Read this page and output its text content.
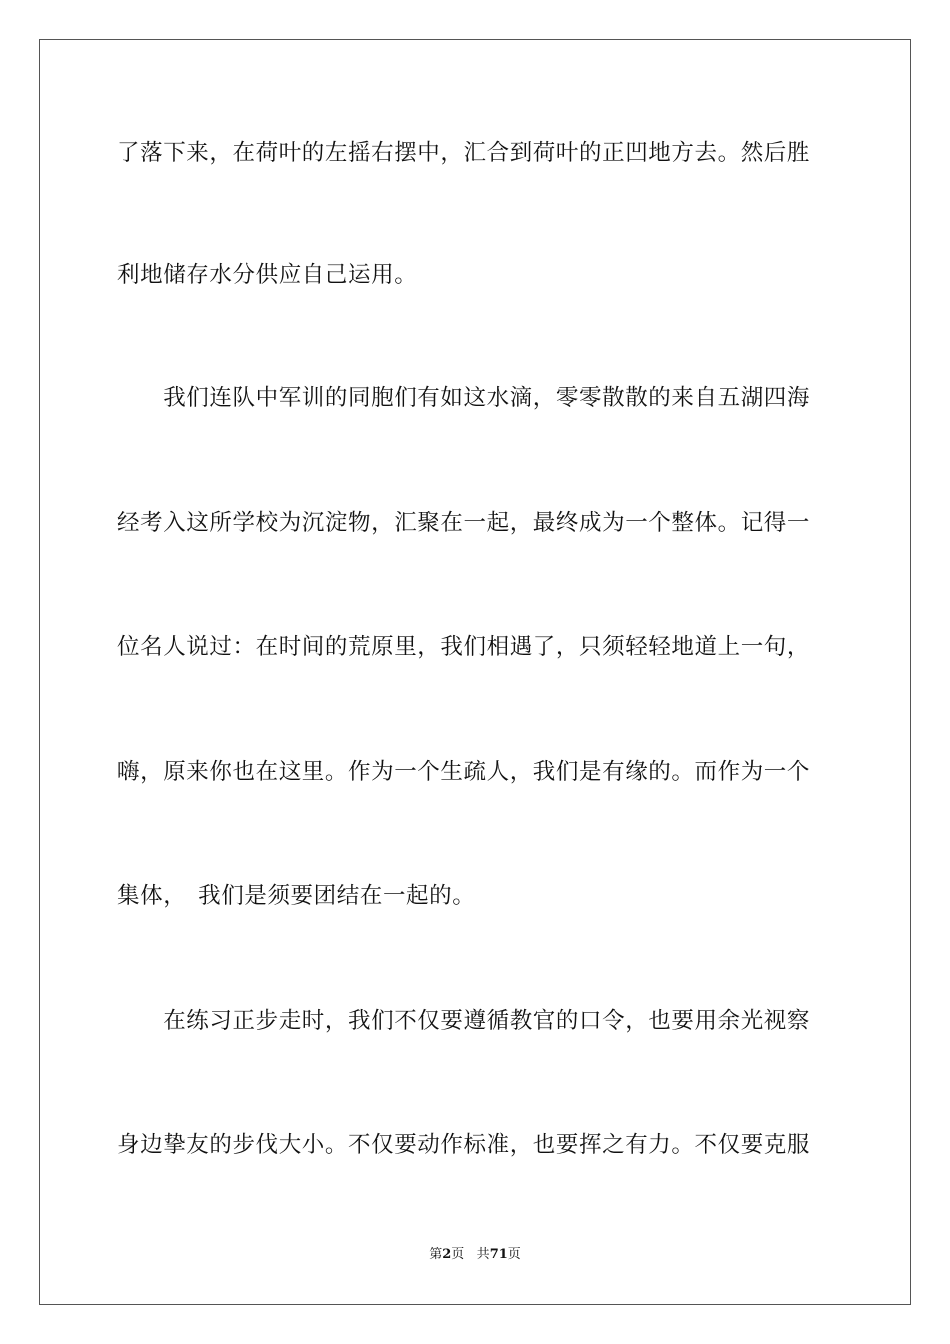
了落下来，在荷叶的左摇右摆中，汇合到荷叶的正凹地方去。然后胜
利地储存水分供应自己运用。
　　我们连队中军训的同胞们有如这水滴，零零散散的来自五湖四海
经考入这所学校为沉淀物，汇聚在一起，最终成为一个整体。记得一
位名人说过：在时间的荒原里，我们相遇了，只须轻轻地道上一句，
嗨，原来你也在这里。作为一个生疏人，我们是有缘的。而作为一个
集体，　我们是须要团结在一起的。
　　在练习正步走时，我们不仅要遵循教官的口令，也要用余光视察
身边挚友的步伐大小。不仅要动作标准，也要挥之有力。不仅要克服
第2页 共71页
